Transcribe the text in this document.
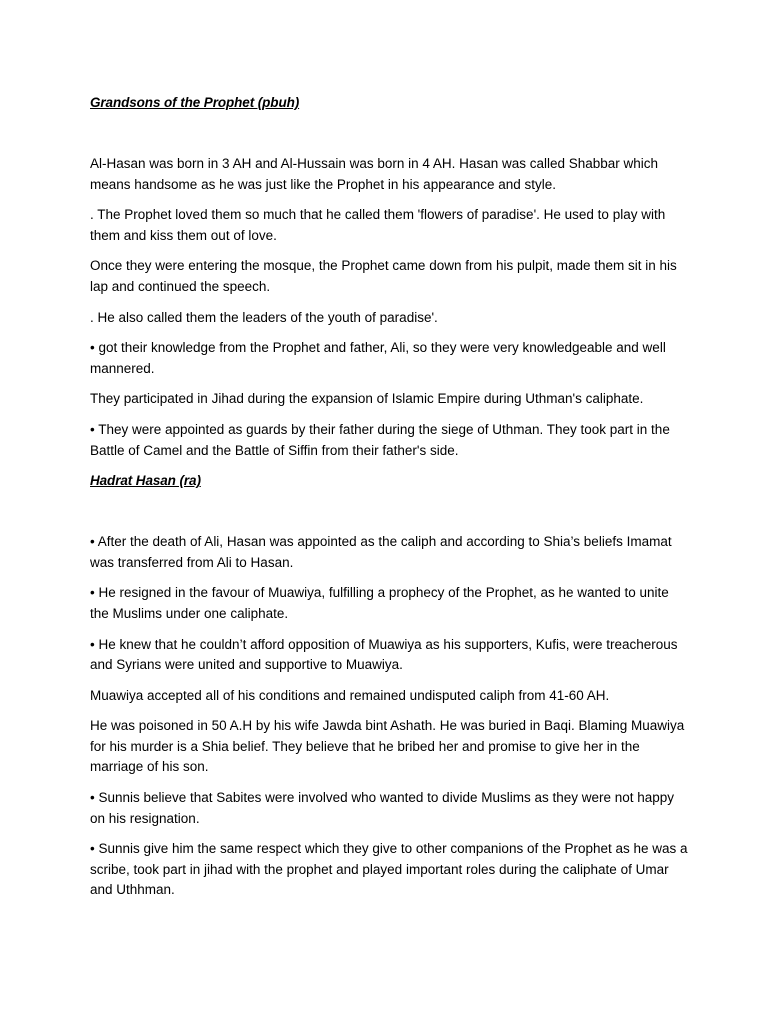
Grandsons of the Prophet (pbuh)

Al-Hasan was born in 3 AH and Al-Hussain was born in 4 AH. Hasan was called Shabbar which means handsome as he was just like the Prophet in his appearance and style.

. The Prophet loved them so much that he called them 'flowers of paradise'. He used to play with them and kiss them out of love.

Once they were entering the mosque, the Prophet came down from his pulpit, made them sit in his lap and continued the speech.

. He also called them the leaders of the youth of paradise'.

• got their knowledge from the Prophet and father, Ali, so they were very knowledgeable and well mannered.

They participated in Jihad during the expansion of Islamic Empire during Uthman's caliphate.

• They were appointed as guards by their father during the siege of Uthman. They took part in the Battle of Camel and the Battle of Siffin from their father's side.

Hadrat Hasan (ra)

• After the death of Ali, Hasan was appointed as the caliph and according to Shia’s beliefs Imamat was transferred from Ali to Hasan.

• He resigned in the favour of Muawiya, fulfilling a prophecy of the Prophet, as he wanted to unite the Muslims under one caliphate.

• He knew that he couldn’t afford opposition of Muawiya as his supporters, Kufis, were treacherous and Syrians were united and supportive to Muawiya.

Muawiya accepted all of his conditions and remained undisputed caliph from 41-60 AH.

He was poisoned in 50 A.H by his wife Jawda bint Ashath. He was buried in Baqi. Blaming Muawiya for his murder is a Shia belief. They believe that he bribed her and promise to give her in the marriage of his son.

• Sunnis believe that Sabites were involved who wanted to divide Muslims as they were not happy on his resignation.

• Sunnis give him the same respect which they give to other companions of the Prophet as he was a scribe, took part in jihad with the prophet and played important roles during the caliphate of Umar and Uthhman.
